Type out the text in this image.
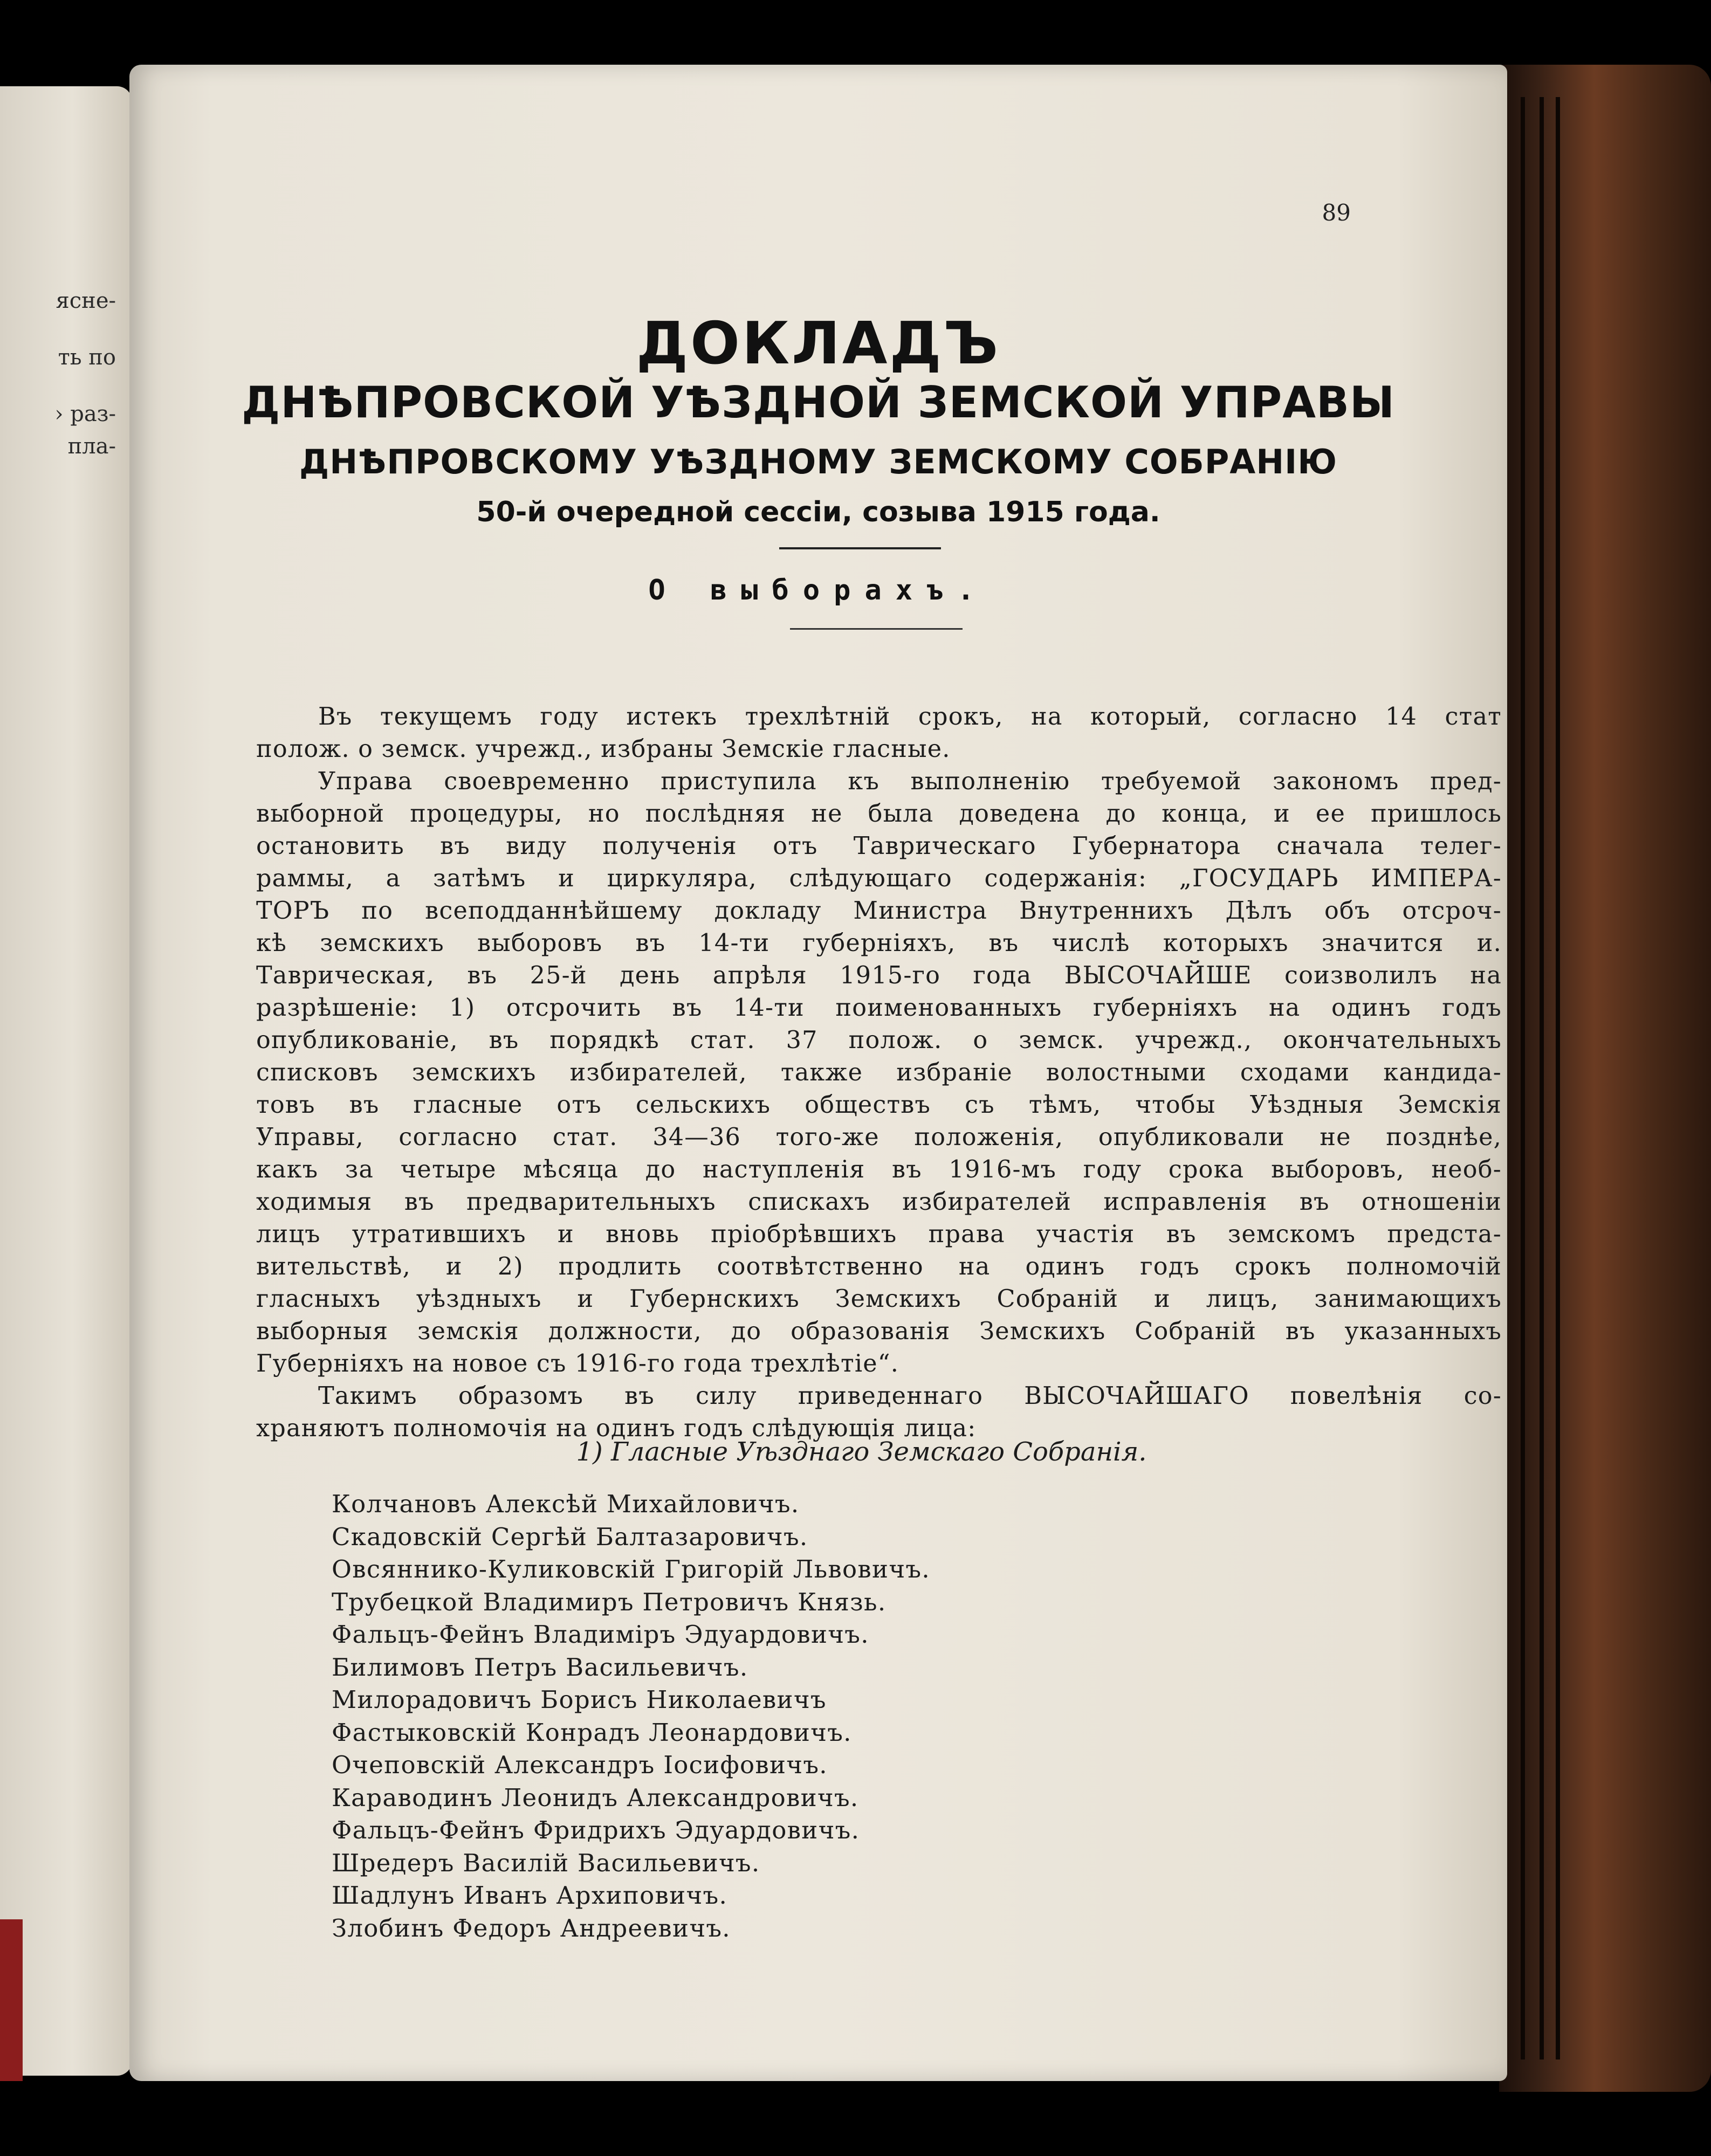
ясне-
ть по
› раз-
пла-
89
ДОКЛАДЪ
ДНѢПРОВСКОЙ УѢЗДНОЙ ЗЕМСКОЙ УПРАВЫ
ДНѢПРОВСКОМУ УѢЗДНОМУ ЗЕМСКОМУ СОБРАНІЮ
50-й очередной сессіи, созыва 1915 года.
О выборахъ.
Въ текущемъ году истекъ трехлѣтній срокъ, на который, согласно 14 стат
полож. о земск. учрежд., избраны Земскіе гласные.
Управа своевременно приступила къ выполненію требуемой закономъ пред-
выборной процедуры, но послѣдняя не была доведена до конца, и ее пришлось
остановить въ виду полученія отъ Таврическаго Губернатора сначала телег-
раммы, а затѣмъ и циркуляра, слѣдующаго содержанія: „ГОСУДАРЬ ИМПЕРА-
ТОРЪ по всеподданнѣйшему докладу Министра Внутреннихъ Дѣлъ объ отсроч-
кѣ земскихъ выборовъ въ 14-ти губерніяхъ, въ числѣ которыхъ значится и.
Таврическая, въ 25-й день апрѣля 1915-го года ВЫСОЧАЙШЕ соизволилъ на
разрѣшеніе: 1) отсрочить въ 14-ти поименованныхъ губерніяхъ на одинъ годъ
опубликованіе, въ порядкѣ стат. 37 полож. о земск. учрежд., окончательныхъ
списковъ земскихъ избирателей, также избраніе волостными сходами кандида-
товъ въ гласные отъ сельскихъ обществъ съ тѣмъ, чтобы Уѣздныя Земскія
Управы, согласно стат. 34—36 того-же положенія, опубликовали не позднѣе,
какъ за четыре мѣсяца до наступленія въ 1916-мъ году срока выборовъ, необ-
ходимыя въ предварительныхъ спискахъ избирателей исправленія въ отношеніи
лицъ утратившихъ и вновь пріобрѣвшихъ права участія въ земскомъ предста-
вительствѣ, и 2) продлить соотвѣтственно на одинъ годъ срокъ полномочій
гласныхъ уѣздныхъ и Губернскихъ Земскихъ Собраній и лицъ, занимающихъ
выборныя земскія должности, до образованія Земскихъ Собраній въ указанныхъ
Губерніяхъ на новое съ 1916-го года трехлѣтіе“.
Такимъ образомъ въ силу приведеннаго ВЫСОЧАЙШАГО повелѣнія со-
храняютъ полномочія на одинъ годъ слѣдующія лица:
1) Гласные Уѣзднаго Земскаго Собранія.
Колчановъ Алексѣй Михайловичъ.
Скадовскій Сергѣй Балтазаровичъ.
Овсяннико-Куликовскій Григорій Львовичъ.
Трубецкой Владимиръ Петровичъ Князь.
Фальцъ-Фейнъ Владиміръ Эдуардовичъ.
Билимовъ Петръ Васильевичъ.
Милорадовичъ Борисъ Николаевичъ
Фастыковскій Конрадъ Леонардовичъ.
Очеповскій Александръ Іосифовичъ.
Караводинъ Леонидъ Александровичъ.
Фальцъ-Фейнъ Фридрихъ Эдуардовичъ.
Шредеръ Василій Васильевичъ.
Шадлунъ Иванъ Архиповичъ.
Злобинъ Федоръ Андреевичъ.
